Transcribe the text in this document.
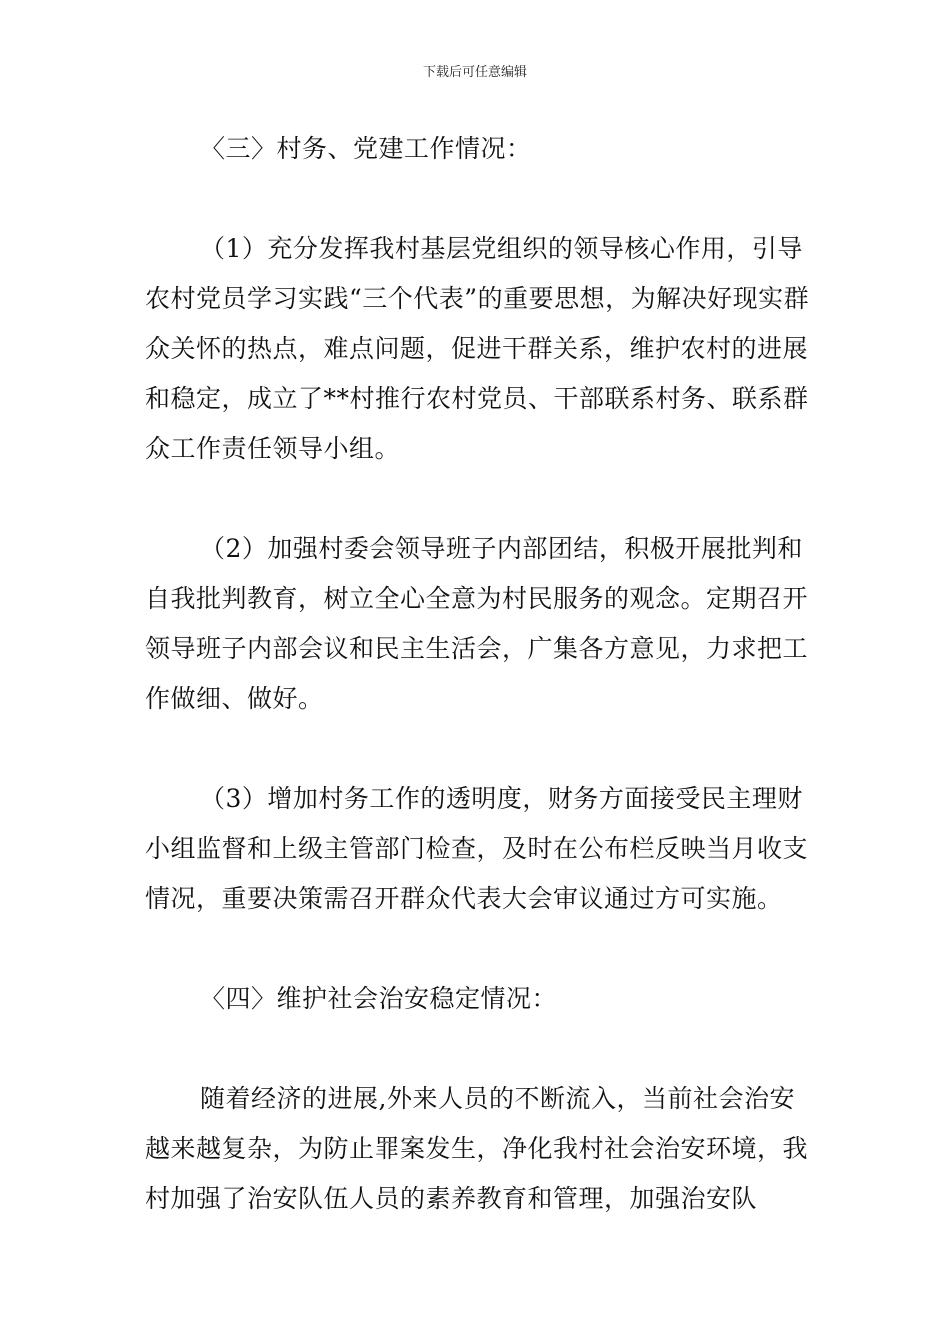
下载后可任意编辑

〈三〉村务、党建工作情况：

（1）充分发挥我村基层党组织的领导核心作用，引导农村党员学习实践“三个代表”的重要思想，为解决好现实群众关怀的热点，难点问题，促进干群关系，维护农村的进展和稳定，成立了**村推行农村党员、干部联系村务、联系群众工作责任领导小组。

（2）加强村委会领导班子内部团结，积极开展批判和自我批判教育，树立全心全意为村民服务的观念。定期召开领导班子内部会议和民主生活会，广集各方意见，力求把工作做细、做好。

（3）增加村务工作的透明度，财务方面接受民主理财小组监督和上级主管部门检查，及时在公布栏反映当月收支情况，重要决策需召开群众代表大会审议通过方可实施。

〈四〉维护社会治安稳定情况：

随着经济的进展,外来人员的不断流入，当前社会治安越来越复杂，为防止罪案发生，净化我村社会治安环境，我村加强了治安队伍人员的素养教育和管理，加强治安队
